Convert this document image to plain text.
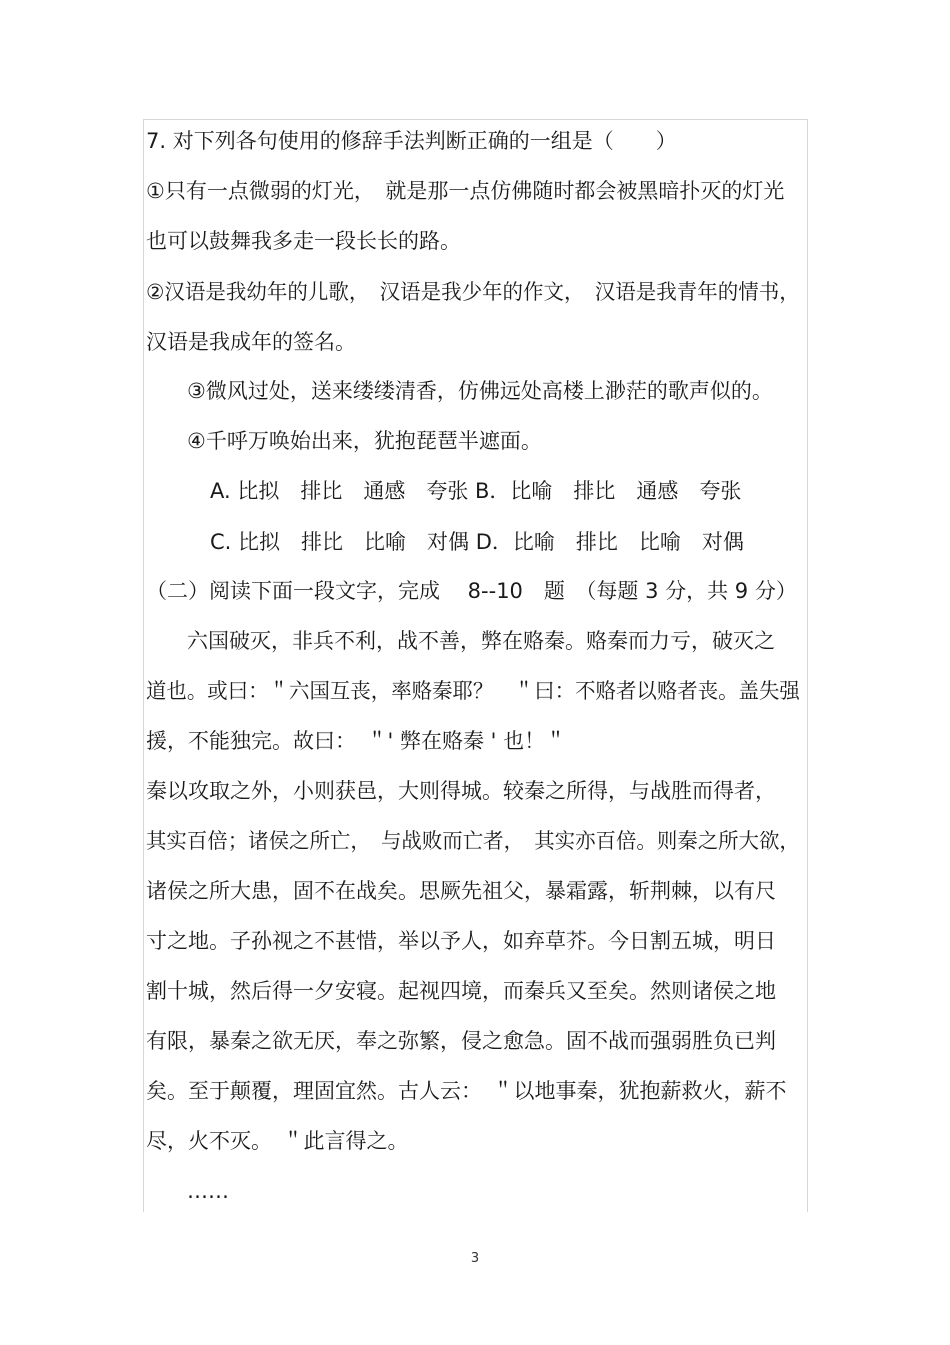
7. 对下列各句使用的修辞手法判断正确的一组是（　　）
①只有一点微弱的灯光，　就是那一点仿佛随时都会被黑暗扑灭的灯光
也可以鼓舞我多走一段长长的路。
②汉语是我幼年的儿歌，　汉语是我少年的作文，　汉语是我青年的情书，
汉语是我成年的签名。
③微风过处，送来缕缕清香，仿佛远处高楼上渺茫的歌声似的。
④千呼万唤始出来，犹抱琵琶半遮面。
A. 比拟　排比　通感　夸张 B．比喻　排比　通感　夸张
C. 比拟　排比　比喻　对偶 D．比喻　排比　比喻　对偶
（二）阅读下面一段文字，完成　 8--10　题　（每题 3 分，共 9 分）
六国破灭，非兵不利，战不善，弊在赂秦。赂秦而力亏，破灭之
道也。或曰：＂六国互丧，率赂秦耶？　＂曰：不赂者以赂者丧。盖失强
援，不能独完。故曰：　＂' 弊在赂秦 ' 也！＂
秦以攻取之外，小则获邑，大则得城。较秦之所得，与战胜而得者，
其实百倍；诸侯之所亡，　与战败而亡者，　其实亦百倍。则秦之所大欲，
诸侯之所大患，固不在战矣。思厥先祖父，暴霜露，斩荆棘，以有尺
寸之地。子孙视之不甚惜，举以予人，如弃草芥。今日割五城，明日
割十城，然后得一夕安寝。起视四境，而秦兵又至矣。然则诸侯之地
有限，暴秦之欲无厌，奉之弥繁，侵之愈急。固不战而强弱胜负已判
矣。至于颠覆，理固宜然。古人云：　＂以地事秦，犹抱薪救火，薪不
尽，火不灭。　＂此言得之。
……
3
